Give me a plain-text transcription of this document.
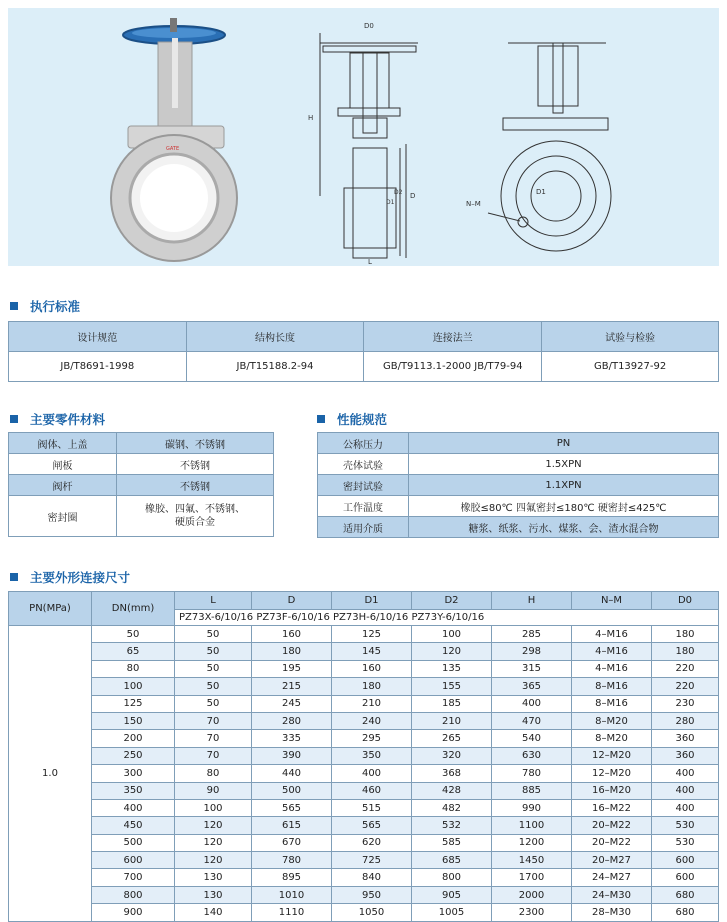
GATE
D0
H
D
D1
D2
L
D1
N–M
执行标准
设计规范	结构长度	连接法兰	试验与检验
JB/T8691-1998	JB/T15188.2-94	GB/T9113.1-2000 JB/T79-94	GB/T13927-92
主要零件材料
阀体、上盖	碳钢、不锈钢
闸板	不锈钢
阀杆	不锈钢
密封圈	橡胶、四氟、不锈钢、
硬质合金
性能规范
公称压力	PN
壳体试验	1.5XPN
密封试验	1.1XPN
工作温度	橡胶≤80℃ 四氟密封≤180℃ 硬密封≤425℃
适用介质	糖浆、纸浆、污水、煤浆、会、渣水混合物
主要外形连接尺寸
PN(MPa)	DN(mm)	L	D	D1	D2	H	N–M	D0
		PZ73X-6/10/16 PZ73F-6/10/16 PZ73H-6/10/16 PZ73Y-6/10/16						
1.0	50	50	160	125	100	285	4–M16	180
	65	50	180	145	120	298	4–M16	180
	80	50	195	160	135	315	4–M16	220
	100	50	215	180	155	365	8–M16	220
	125	50	245	210	185	400	8–M16	230
	150	70	280	240	210	470	8–M20	280
	200	70	335	295	265	540	8–M20	360
	250	70	390	350	320	630	12–M20	360
	300	80	440	400	368	780	12–M20	400
	350	90	500	460	428	885	16–M20	400
	400	100	565	515	482	990	16–M22	400
	450	120	615	565	532	1100	20–M22	530
	500	120	670	620	585	1200	20–M22	530
	600	120	780	725	685	1450	20–M27	600
	700	130	895	840	800	1700	24–M27	600
	800	130	1010	950	905	2000	24–M30	680
	900	140	1110	1050	1005	2300	28–M30	680
